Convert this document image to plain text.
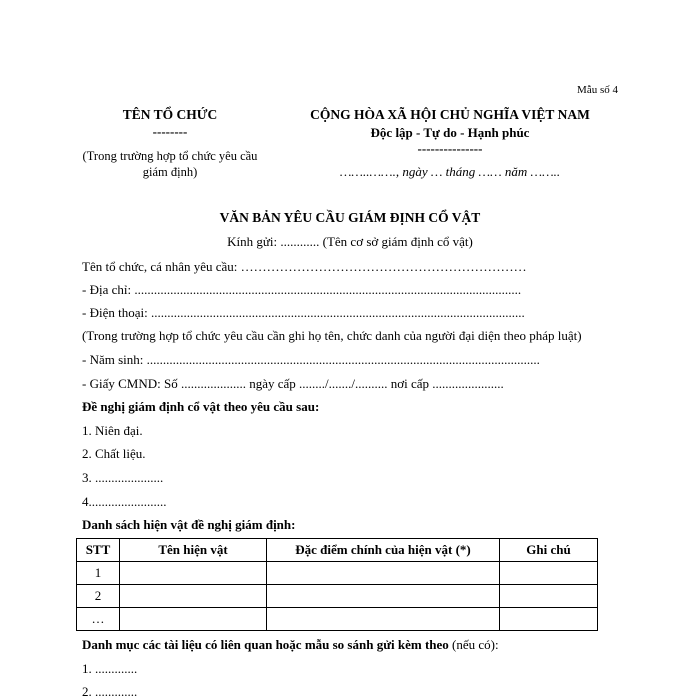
Mẫu số 4
TÊN TỔ CHỨC
--------
(Trong trường hợp tổ chức yêu cầu giám định)
CỘNG HÒA XÃ HỘI CHỦ NGHĨA VIỆT NAM
Độc lập - Tự do - Hạnh phúc
---------------
……..……., ngày … tháng …… năm ……..
VĂN BẢN YÊU CẦU GIÁM ĐỊNH CỔ VẬT
Kính gửi: ............ (Tên cơ sở giám định cổ vật)
Tên tổ chức, cá nhân yêu cầu: …………………………………………………………
- Địa chỉ: .......................................................................................................................
- Điện thoại: ...................................................................................................................
(Trong trường hợp tổ chức yêu cầu cần ghi họ tên, chức danh của người đại diện theo pháp luật)
- Năm sinh: .........................................................................................................................
- Giấy CMND: Số .................... ngày cấp ......../......./.......... nơi cấp ......................
Đề nghị giám định cổ vật theo yêu cầu sau:
1. Niên đại.
2. Chất liệu.
3. .....................
4........................
Danh sách hiện vật đề nghị giám định:
STT	Tên hiện vật	Đặc điểm chính của hiện vật (*)	Ghi chú
1			
2			
…			
Danh mục các tài liệu có liên quan hoặc mẫu so sánh gửi kèm theo (nếu có):
1. .............
2. .............
